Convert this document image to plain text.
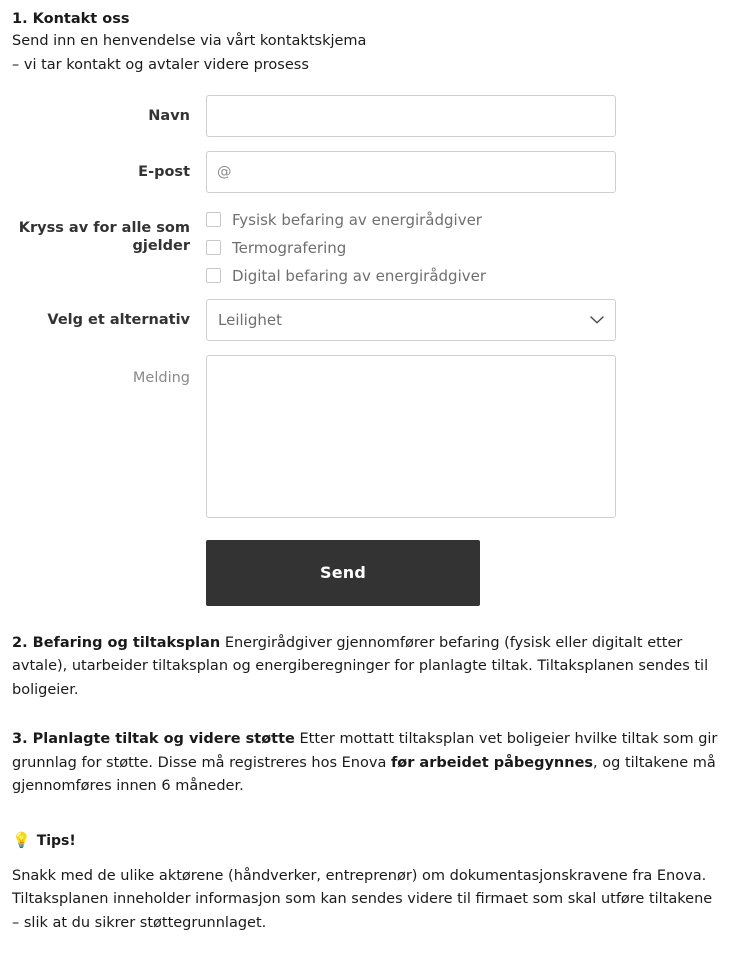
1. Kontakt oss
Send inn en henvendelse via vårt kontaktskjema
– vi tar kontakt og avtaler videre prosess
Navn
E-post
@
Kryss av for alle som
gjelder
Fysisk befaring av energirådgiver
Termografering
Digital befaring av energirådgiver
Velg et alternativ	Leilighet
Melding
Send
2. Befaring og tiltaksplan Energirådgiver gjennomfører befaring (fysisk eller digitalt etter avtale), utarbeider tiltaksplan og energiberegninger for planlagte tiltak. Tiltaksplanen sendes til boligeier.
3. Planlagte tiltak og videre støtte Etter mottatt tiltaksplan vet boligeier hvilke tiltak som gir grunnlag for støtte. Disse må registreres hos Enova før arbeidet påbegynnes, og tiltakene må gjennomføres innen 6 måneder.
💡 Tips!
Snakk med de ulike aktørene (håndverker, entreprenør) om dokumentasjonskravene fra Enova. Tiltaksplanen inneholder informasjon som kan sendes videre til firmaet som skal utføre tiltakene – slik at du sikrer støttegrunnlaget.
